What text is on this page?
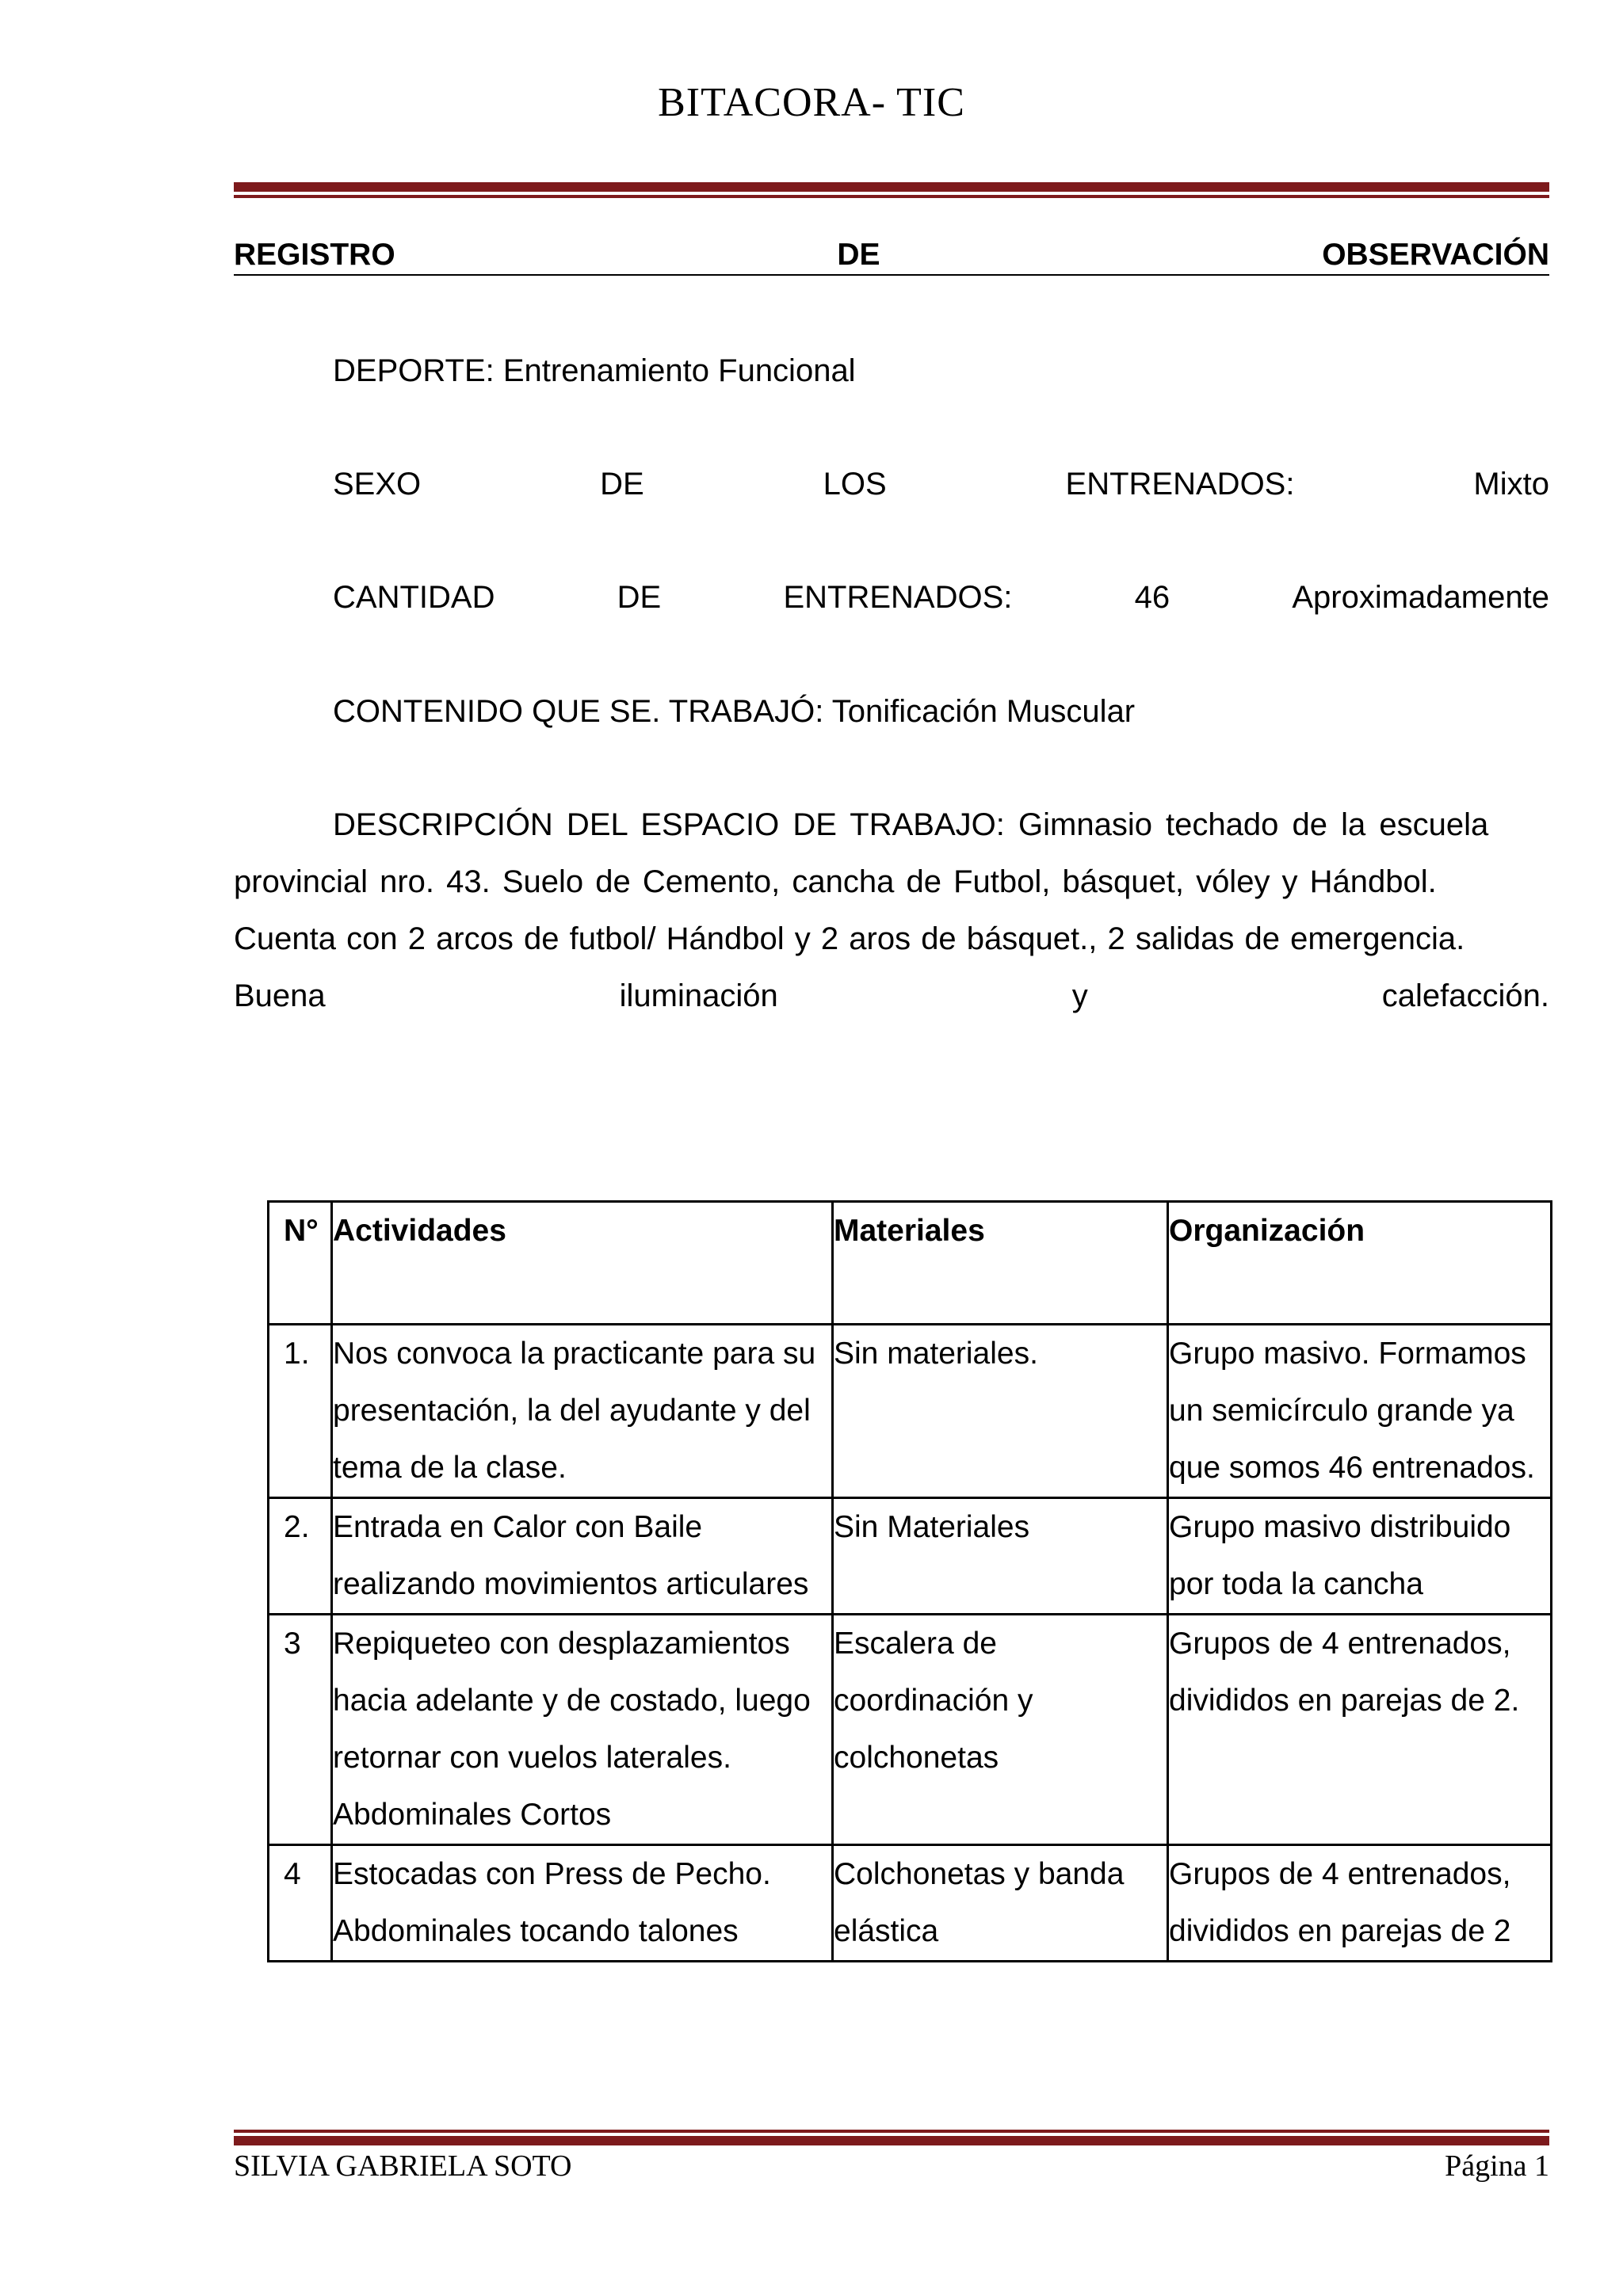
BITACORA- TIC
REGISTRO	DE	OBSERVACIÓN
DEPORTE: Entrenamiento Funcional
SEXO	DE	LOS	ENTRENADOS:	Mixto
CANTIDAD	DE	ENTRENADOS:	46	Aproximadamente
CONTENIDO QUE SE. TRABAJÓ: Tonificación Muscular
DESCRIPCIÓN DEL ESPACIO DE TRABAJO: Gimnasio techado de la escuela
provincial nro. 43. Suelo de Cemento, cancha de Futbol, básquet, vóley y Hándbol.
Cuenta con 2 arcos de futbol/ Hándbol y 2 aros de básquet., 2 salidas de emergencia.
Buena	iluminación	y	calefacción.
N°	Actividades	Materiales	Organización
1.	Nos convoca la practicante para su presentación, la del ayudante y del tema de la clase.	Sin materiales.	Grupo masivo. Formamos un semicírculo grande ya que somos 46 entrenados.
2.	Entrada en Calor con Baile realizando movimientos articulares	Sin Materiales	Grupo masivo distribuido por toda la cancha
3	Repiqueteo con desplazamientos hacia adelante y de costado, luego retornar con vuelos laterales. Abdominales Cortos	Escalera de coordinación y colchonetas	Grupos de 4 entrenados, divididos en parejas de 2.
4	Estocadas con Press de Pecho. Abdominales tocando talones	Colchonetas y banda elástica	Grupos de 4 entrenados, divididos en parejas de 2
SILVIA GABRIELA SOTO	Página 1
